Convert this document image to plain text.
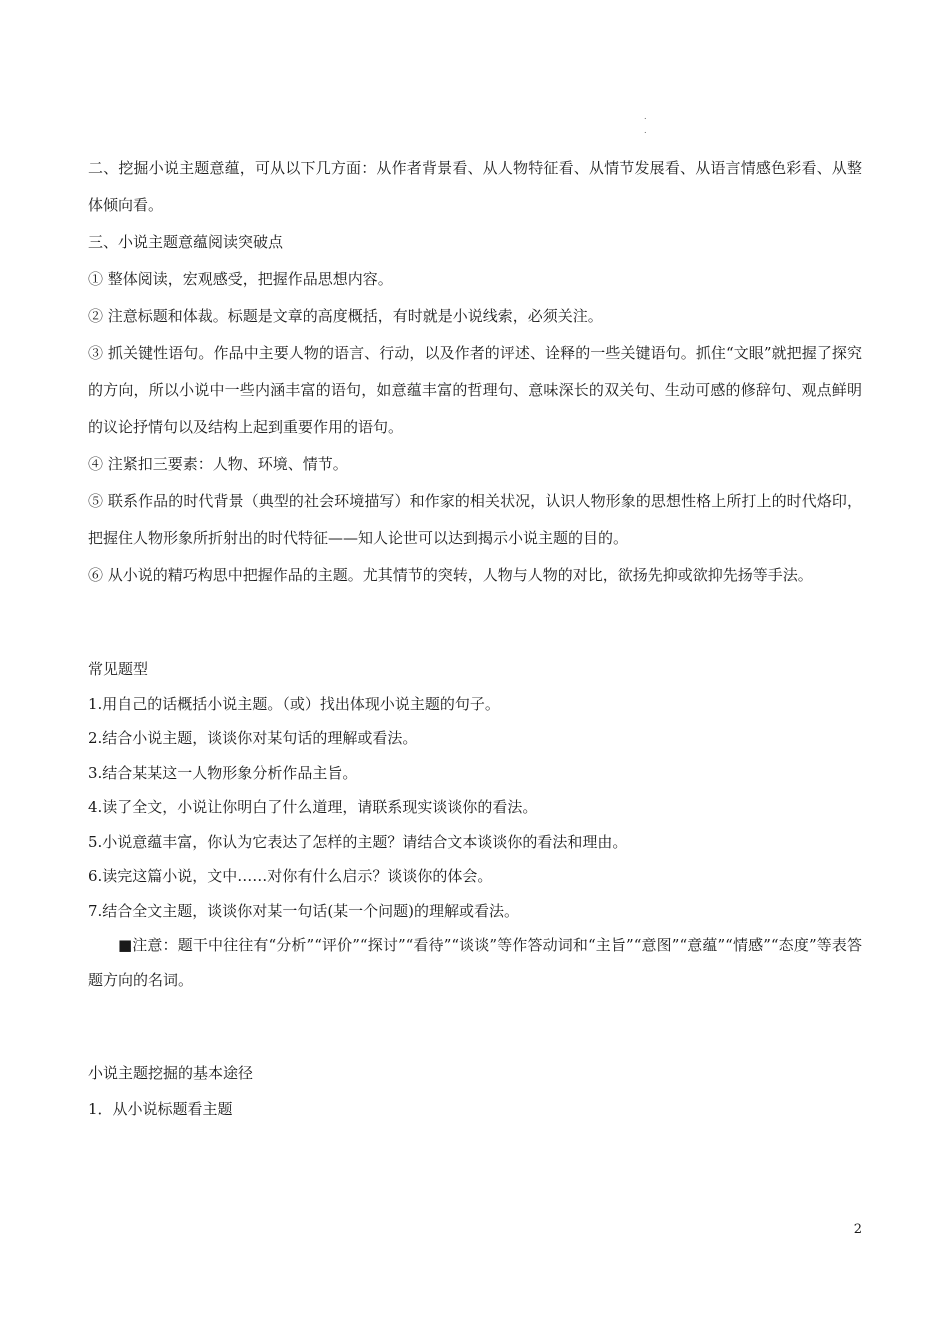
.
.

二、挖掘小说主题意蕴，可从以下几方面：从作者背景看、从人物特征看、从情节发展看、从语言情感色彩看、从整体倾向看。

三、小说主题意蕴阅读突破点

① 整体阅读，宏观感受，把握作品思想内容。

② 注意标题和体裁。标题是文章的高度概括，有时就是小说线索，必须关注。

③ 抓关键性语句。作品中主要人物的语言、行动，以及作者的评述、诠释的一些关键语句。抓住“文眼”就把握了探究的方向，所以小说中一些内涵丰富的语句，如意蕴丰富的哲理句、意味深长的双关句、生动可感的修辞句、观点鲜明的议论抒情句以及结构上起到重要作用的语句。

④ 注紧扣三要素：人物、环境、情节。

⑤ 联系作品的时代背景（典型的社会环境描写）和作家的相关状况，认识人物形象的思想性格上所打上的时代烙印，把握住人物形象所折射出的时代特征——知人论世可以达到揭示小说主题的目的。

⑥ 从小说的精巧构思中把握作品的主题。尤其情节的突转，人物与人物的对比，欲扬先抑或欲抑先扬等手法。

常见题型

1.用自己的话概括小说主题。（或）找出体现小说主题的句子。

2.结合小说主题，谈谈你对某句话的理解或看法。

3.结合某某这一人物形象分析作品主旨。

4.读了全文，小说让你明白了什么道理，请联系现实谈谈你的看法。

5.小说意蕴丰富，你认为它表达了怎样的主题？请结合文本谈谈你的看法和理由。

6.读完这篇小说，文中……对你有什么启示？谈谈你的体会。

7.结合全文主题，谈谈你对某一句话(某一个问题)的理解或看法。

■注意：题干中往往有“分析”“评价”“探讨”“看待”“谈谈”等作答动词和“主旨”“意图”“意蕴”“情感”“态度”等表答题方向的名词。

小说主题挖掘的基本途径

1．从小说标题看主题

2
